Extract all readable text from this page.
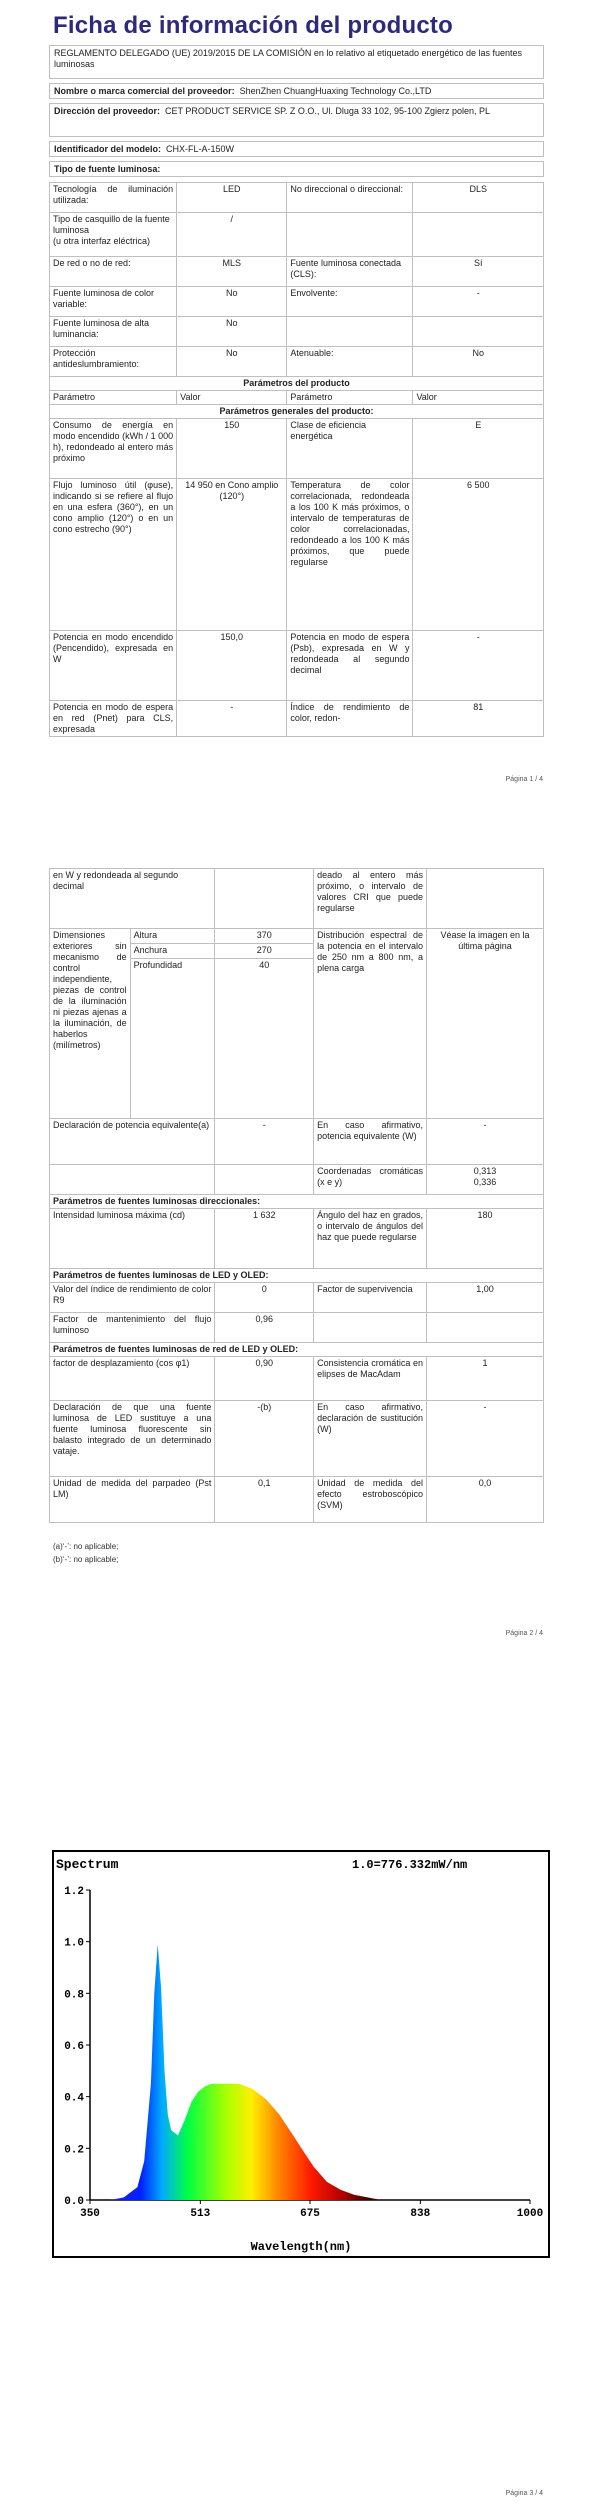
Ficha de información del producto
REGLAMENTO DELEGADO (UE) 2019/2015 DE LA COMISIÓN en lo relativo al etiquetado energético de las fuentes luminosas
Nombre o marca comercial del proveedor: ShenZhen ChuangHuaxing Technology Co.,LTD
Dirección del proveedor: CET PRODUCT SERVICE SP. Z O.O., Ul. Dluga 33 102, 95-100 Zgierz polen, PL
Identificador del modelo: CHX-FL-A-150W
Tipo de fuente luminosa:
Tecnología de iluminación utilizada:	LED	No direccional o direccional:	DLS
Tipo de casquillo de la fuente luminosa
(u otra interfaz eléctrica)	/		
De red o no de red:	MLS	Fuente luminosa conectada (CLS):	Sí
Fuente luminosa de color variable:	No	Envolvente:	-
Fuente luminosa de alta luminancia:	No		
Protección antideslumbramiento:	No	Atenuable:	No
Parámetros del producto			
Parámetro	Valor	Parámetro	Valor
Parámetros generales del producto:			
Consumo de energía en modo encendido (kWh / 1 000 h), redondeado al entero más próximo	150	Clase de eficiencia energética	E
Flujo luminoso útil (φuse), indicando si se refiere al flujo en una esfera (360°), en un cono amplio (120°) o en un cono estrecho (90°)	14 950 en Cono amplio (120°)	Temperatura de color correlacionada, redondeada a los 100 K más próximos, o intervalo de temperaturas de color correlacionadas, redondeado a los 100 K más próximos, que puede regularse	6 500
Potencia en modo encendido (Pencendido), expresada en W	150,0	Potencia en modo de espera (Psb), expresada en W y redondeada al segundo decimal	-
Potencia en modo de espera en red (Pnet) para CLS, expresada	-	Índice de rendimiento de color, redon-	81
Página 1 / 4
en W y redondeada al segundo decimal			deado al entero más próximo, o intervalo de valores CRI que puede regularse	
Dimensiones exteriores sin mecanismo de control independiente, piezas de control de la iluminación ni piezas ajenas a la iluminación, de haberlos (milímetros)	Altura	370	Distribución espectral de la potencia en el intervalo de 250 nm a 800 nm, a plena carga	Véase la imagen en la última página
	Anchura	270		
	Profundidad	40		
Declaración de potencia equivalente(a)		-	En caso afirmativo, potencia equivalente (W)	-
			Coordenadas cromáticas (x e y)	0,313
0,336
Parámetros de fuentes luminosas direccionales:				
Intensidad luminosa máxima (cd)		1 632	Ángulo del haz en grados, o intervalo de ángulos del haz que puede regularse	180
Parámetros de fuentes luminosas de LED y OLED:				
Valor del índice de rendimiento de color R9		0	Factor de supervivencia	1,00
Factor de mantenimiento del flujo luminoso		0,96		
Parámetros de fuentes luminosas de red de LED y OLED:				
factor de desplazamiento (cos φ1)		0,90	Consistencia cromática en elipses de MacAdam	1
Declaración de que una fuente luminosa de LED sustituye a una fuente luminosa fluorescente sin balasto integrado de un determinado vataje.		-(b)	En caso afirmativo, declaración de sustitución (W)	-
Unidad de medida del parpadeo (Pst LM)		0,1	Unidad de medida del efecto estroboscópico (SVM)	0,0
(a)‘-’: no aplicable;
(b)‘-’: no aplicable;
Página 2 / 4
0.0
0.2
0.4
0.6
0.8
1.0
1.2
350	513	675	838	1000
Spectrum	1.0=776.332mW/nm
Wavelength(nm)
Página 3 / 4
